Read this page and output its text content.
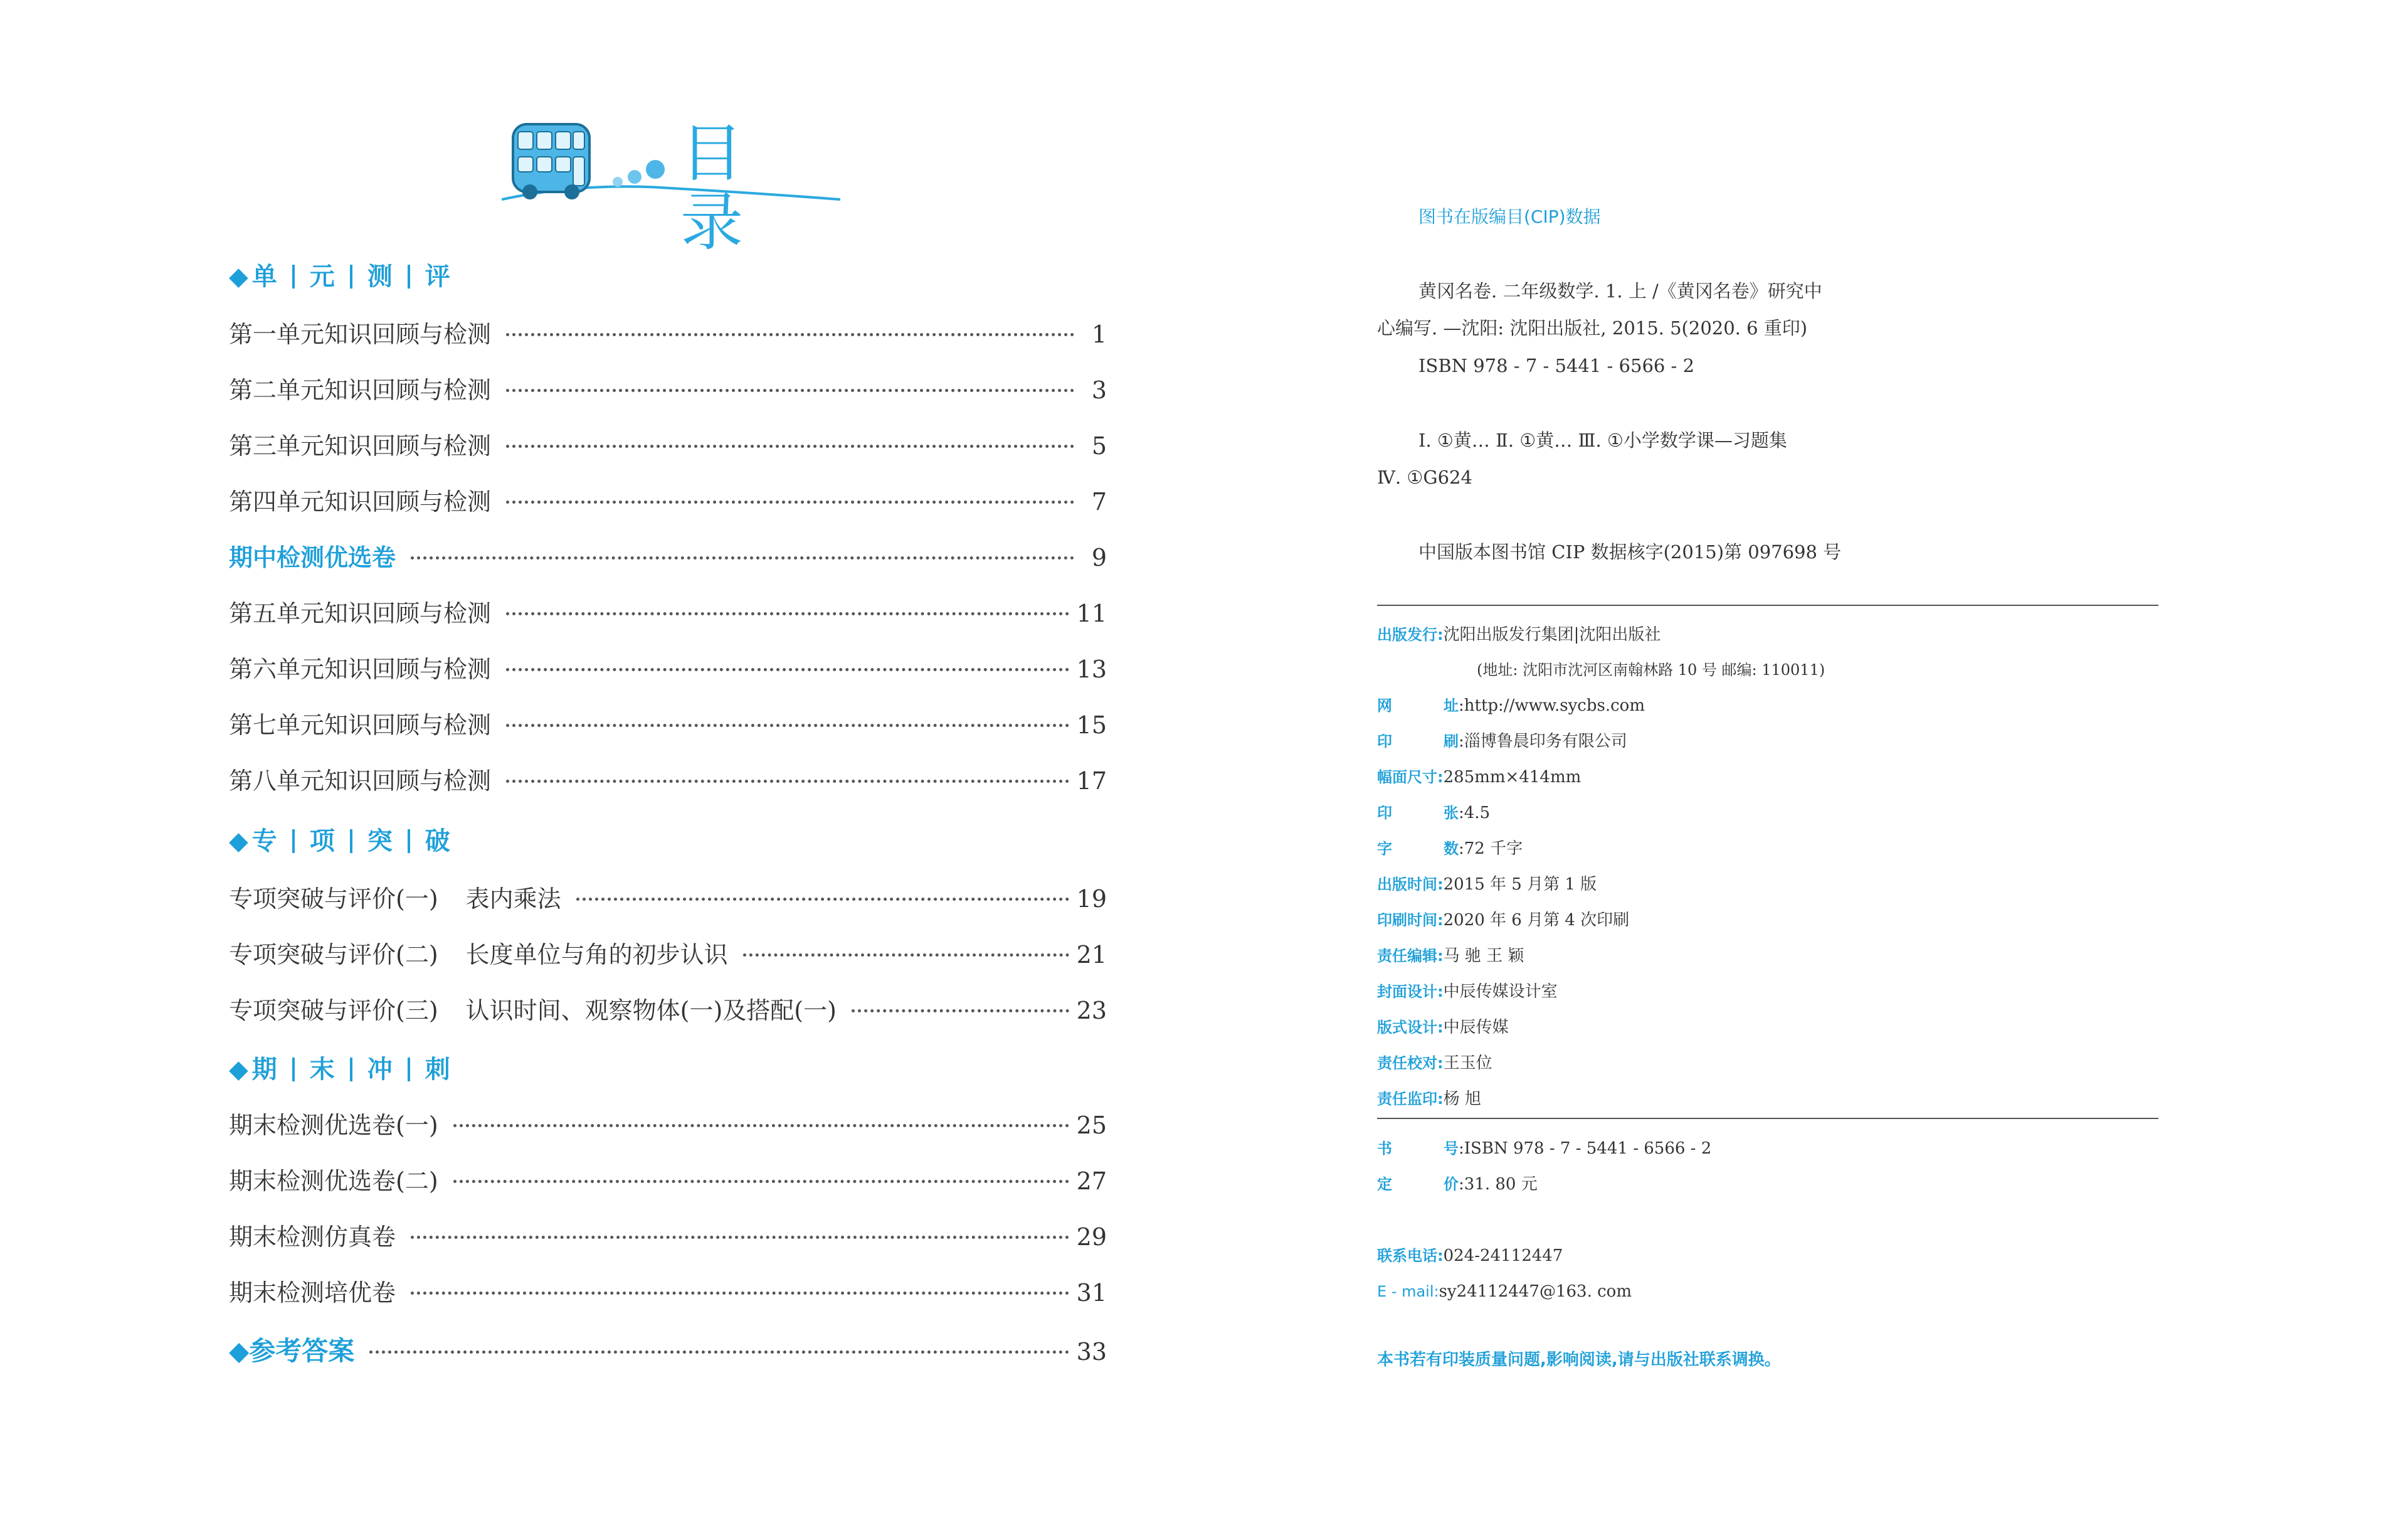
目录
◆ 单 元 测 评
◆ 专 项 突 破
◆ 期 末 冲 刺
第一单元知识回顾与检测	1
第二单元知识回顾与检测	3
第三单元知识回顾与检测	5
第四单元知识回顾与检测	7
期中检测优选卷	9
第五单元知识回顾与检测	11
第六单元知识回顾与检测	13
第七单元知识回顾与检测	15
第八单元知识回顾与检测	17
专项突破与评价(一) 表内乘法	19
专项突破与评价(二) 长度单位与角的初步认识	21
专项突破与评价(三) 认识时间、观察物体(一)及搭配(一)	23
期末检测优选卷(一)	25
期末检测优选卷(二)	27
期末检测仿真卷	29
期末检测培优卷	31
◆参考答案	33
图书在版编目(CIP)数据
黄冈名卷. 二年级数学. 1. 上 /《黄冈名卷》研究中
心编写. —沈阳: 沈阳出版社, 2015. 5(2020. 6 重印)
ISBN 978 - 7 - 5441 - 6566 - 2
Ⅰ. ①黄… Ⅱ. ①黄… Ⅲ. ①小学数学课—习题集
Ⅳ. ①G624
中国版本图书馆 CIP 数据核字(2015)第 097698 号
出版发行: 沈阳出版发行集团|沈阳出版社
(地址: 沈阳市沈河区南翰林路 10 号 邮编: 110011)
网	址 :http://www.sycbs.com
印	刷 :淄博鲁晨印务有限公司
幅面尺寸: 285mm×414mm
印	张 :4.5
字	数 :72 千字
出版时间: 2015 年 5 月第 1 版
印刷时间: 2020 年 6 月第 4 次印刷
责任编辑: 马 驰 王 颖
封面设计: 中辰传媒设计室
版式设计: 中辰传媒
责任校对: 王玉位
责任监印: 杨 旭
书	号 :ISBN 978 - 7 - 5441 - 6566 - 2
定	价 :31. 80 元
联系电话: 024-24112447
E - mail: sy24112447@163. com
本书若有印装质量问题,影响阅读,请与出版社联系调换。
